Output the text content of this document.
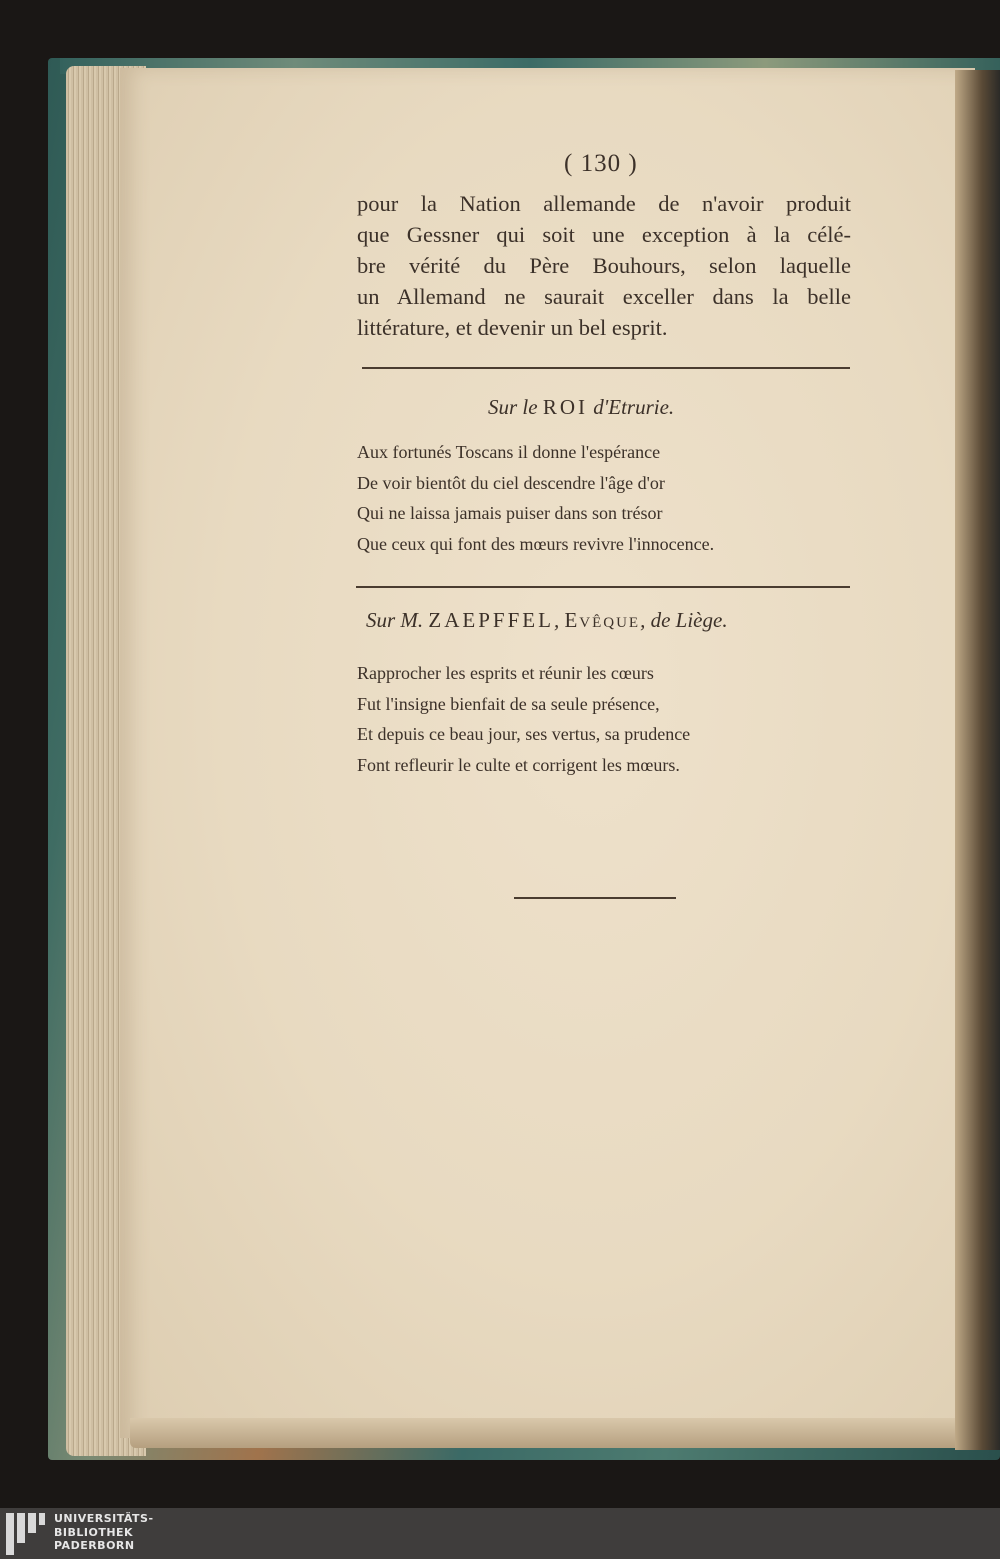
( 130 )
pour la Nation allemande de n'avoir produit
que Gessner qui soit une exception à la célé-
bre vérité du Père Bouhours, selon laquelle
un Allemand ne saurait exceller dans la belle
littérature, et devenir un bel esprit.
Sur le ROI d'Etrurie.
Aux fortunés Toscans il donne l'espérance
De voir bientôt du ciel descendre l'âge d'or
Qui ne laissa jamais puiser dans son trésor
Que ceux qui font des mœurs revivre l'innocence.
Sur M. ZAEPFFEL, Evêque, de Liège.
Rapprocher les esprits et réunir les cœurs
Fut l'insigne bienfait de sa seule présence,
Et depuis ce beau jour, ses vertus, sa prudence
Font refleurir le culte et corrigent les mœurs.
UNIVERSITÄTS-
BIBLIOTHEK
PADERBORN
